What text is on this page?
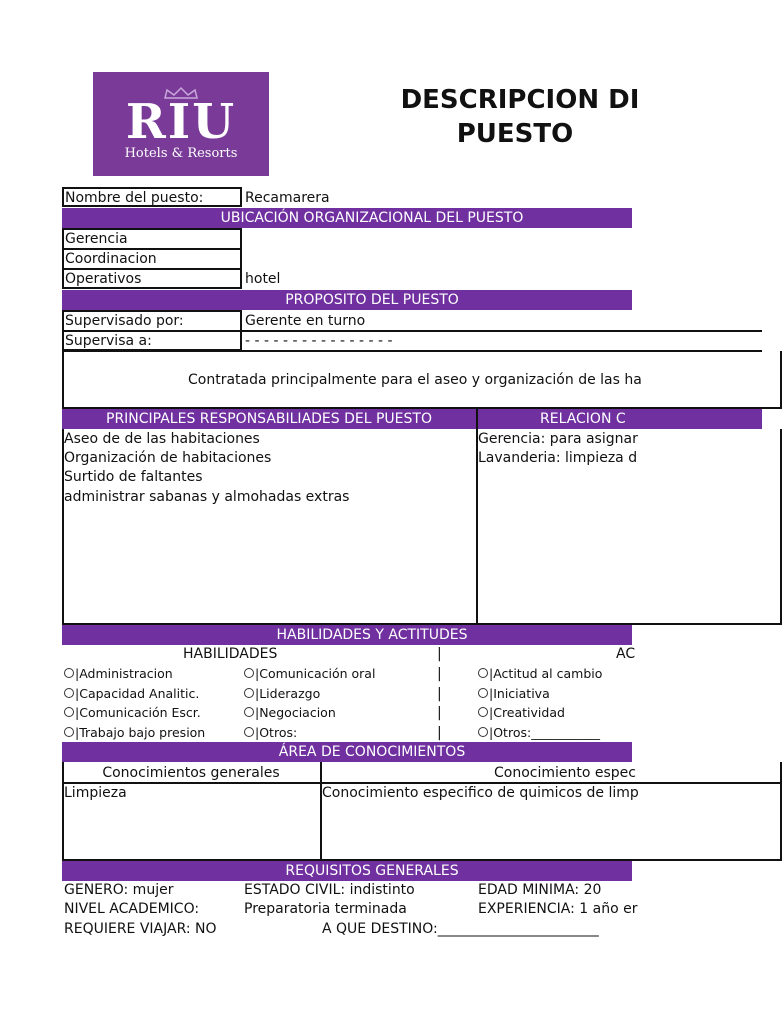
RIU
Hotels & Resorts
DESCRIPCION DI
PUESTO
Nombre del puesto:	Recamarera
UBICACIÓN ORGANIZACIONAL DEL PUESTO
Gerencia
Coordinacion
Operativos	hotel
PROPOSITO DEL PUESTO
Supervisado por:	Gerente en turno
Supervisa a:	- - - - - - - - - - - - - - - -
Contratada principalmente para el aseo y organización de las ha
PRINCIPALES RESPONSABILIADES DEL PUESTO	RELACION C
Aseo de de las habitaciones
Organización de habitaciones
Surtido de faltantes
administrar sabanas y almohadas extras
Gerencia: para asignar
Lavanderia: limpieza d
HABILIDADES Y ACTITUDES
HABILIDADES	AC
|
|Administracion	|Comunicación oral	|	|Actitud al cambio
|Capacidad Analitic.	|Liderazgo	|	|Iniciativa
|Comunicación Escr.	|Negociacion	|	|Creatividad
|Trabajo bajo presion	|Otros:	|	|Otros:___________
ÁREA DE CONOCIMIENTOS
Conocimientos generales	Conocimiento espec
Limpieza	Conocimiento especifico de quimicos de limp
REQUISITOS GENERALES
GENERO: mujer	ESTADO CIVIL: indistinto	EDAD MINIMA: 20
NIVEL ACADEMICO:	Preparatoria terminada	EXPERIENCIA: 1 año er
REQUIERE VIAJAR: NO	A QUE DESTINO:_______________________
